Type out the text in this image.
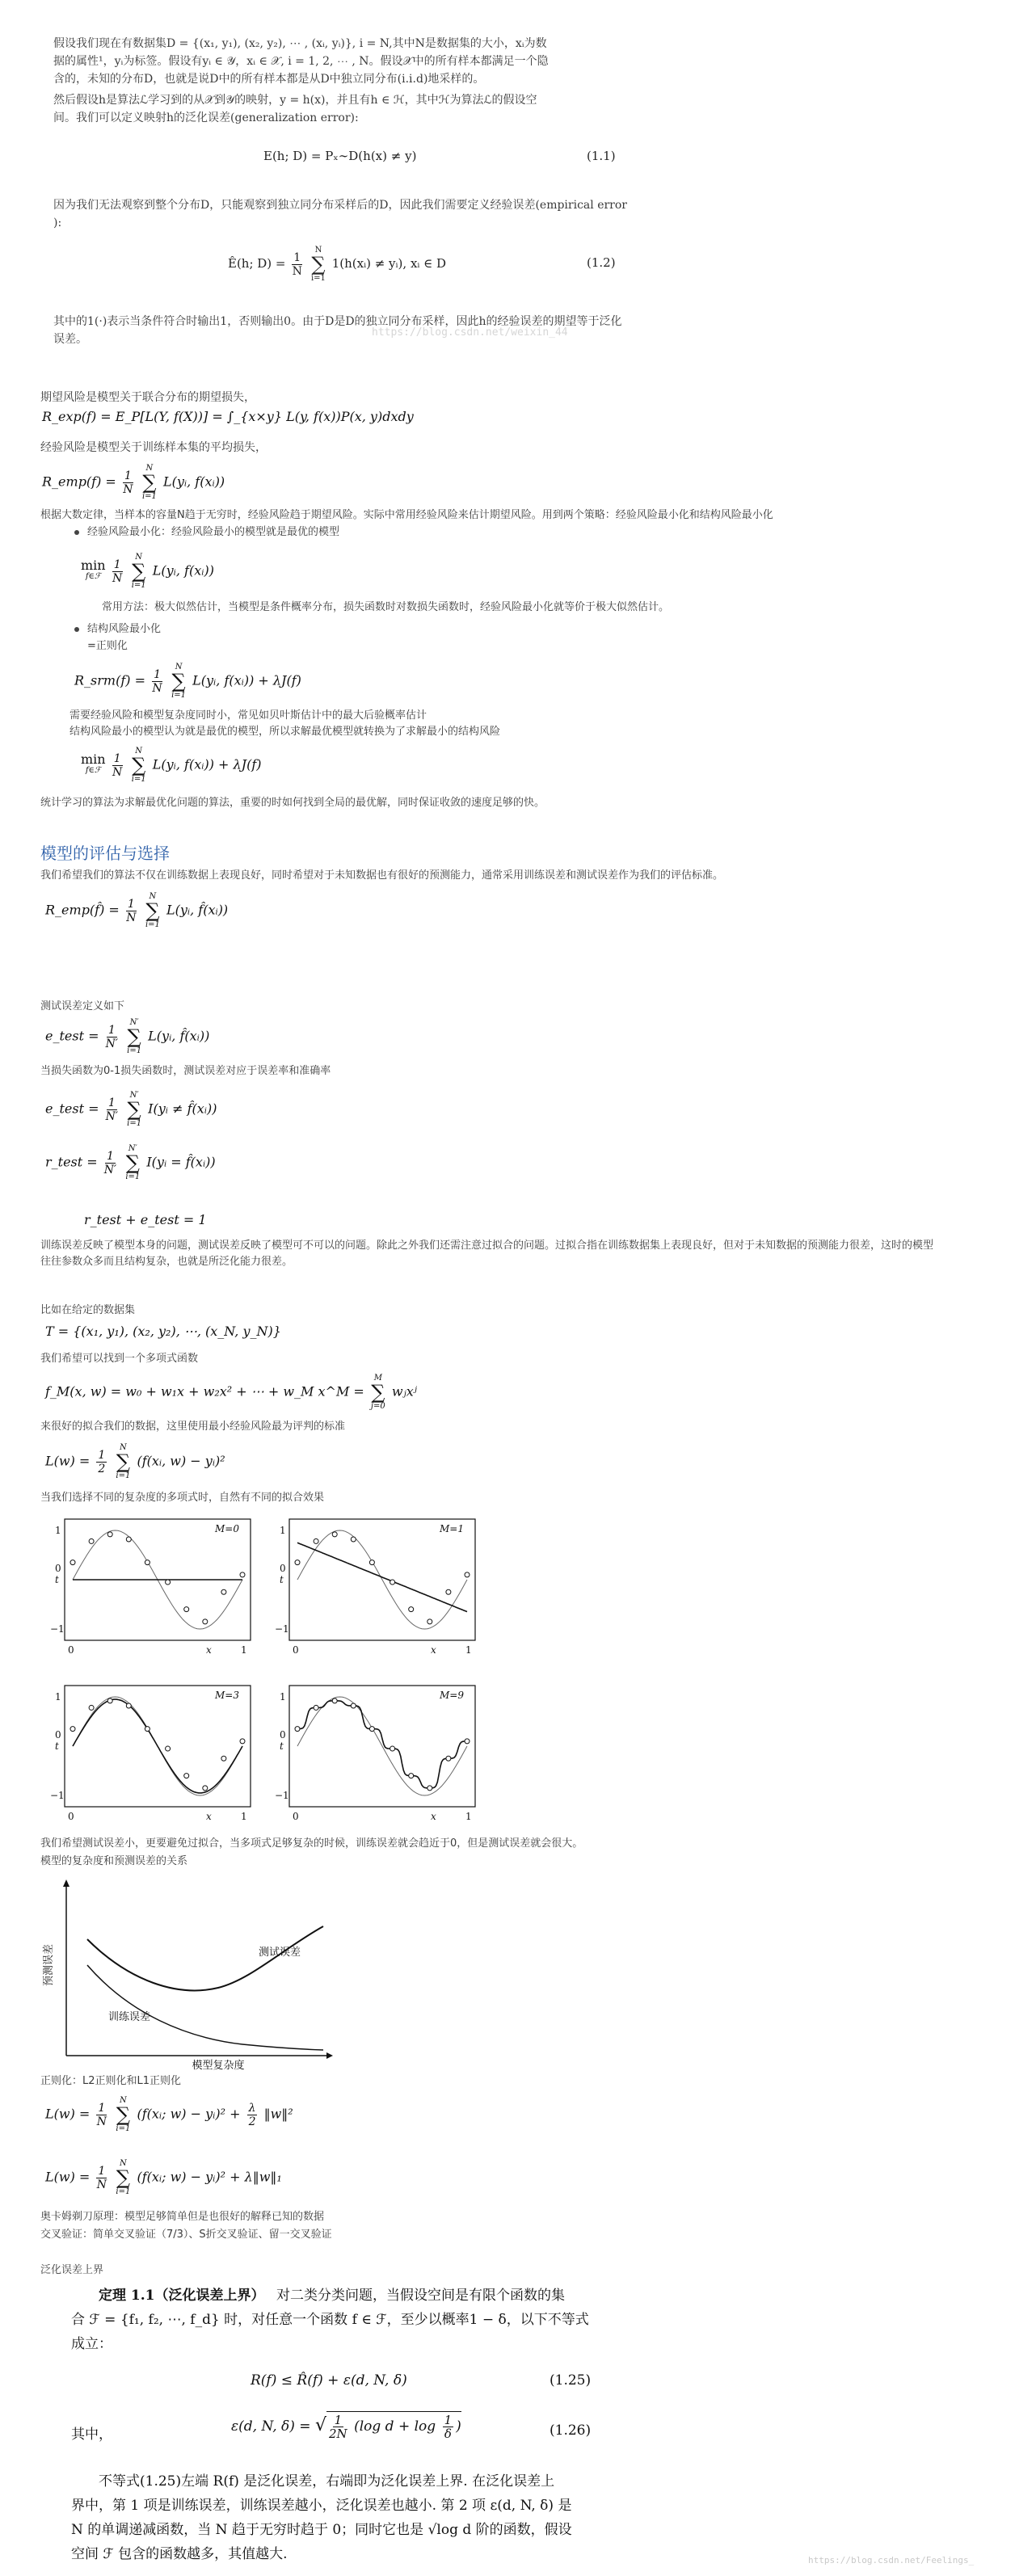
假设我们现在有数据集D = {(x₁, y₁), (x₂, y₂), ⋯ , (xᵢ, yᵢ)}, i = N,其中N是数据集的大小，xᵢ为数
据的属性¹，yᵢ为标签。假设有yᵢ ∈ 𝒴，xᵢ ∈ 𝒳, i = 1, 2, ⋯ , N。假设𝒳中的所有样本都满足一个隐
含的，未知的分布D，也就是说D中的所有样本都是从D中独立同分布(i.i.d)地采样的。
然后假设h是算法ℒ学习到的从𝒳到𝒴的映射，y = h(x)，并且有h ∈ ℋ，其中ℋ为算法ℒ的假设空
间。我们可以定义映射h的泛化误差(generalization error):
E(h; D) = Pₓ∼D(h(x) ≠ y)	(1.1)
因为我们无法观察到整个分布D，只能观察到独立同分布采样后的D，因此我们需要定义经验误差(empirical error
):
Ê(h; $D) = \frac{1}{N}$

N
∑
i=1
1(h(xᵢ) ≠ yᵢ), xᵢ ∈ D	(1.2)
其中的1(·)表示当条件符合时输出1，否则输出0。由于D是D的独立同分布采样，因此h的经验误差的期望等于泛化
误差。
https://blog.csdn.net/weixin_44
期望风险是模型关于联合分布的期望损失，
R_exp(f) = E_P[L(Y, f(X))] = ∫_{x×y} L(y, f(x))P(x, y)dxdy
经验风险是模型关于训练样本集的平均损失，
R_emp(f) = $\frac{1}{N}$

N
∑
i=1
L(yᵢ, f(xᵢ))
根据大数定律，当样本的容量N趋于无穷时，经验风险趋于期望风险。实际中常用经验风险来估计期望风险。用到两个策略：经验风险最小化和结构风险最小化
经验风险最小化：经验风险最小的模型就是最优的模型
min
f∈ℱ
$\frac{1}{N}$

N
∑
i=1
L(yᵢ, f(xᵢ))
常用方法：极大似然估计，当模型是条件概率分布，损失函数时对数损失函数时，经验风险最小化就等价于极大似然估计。
结构风险最小化
=正则化
R_srm(f) = $\frac{1}{N}$

N
∑
i=1
L(yᵢ, f(xᵢ)) + λJ(f)
需要经验风险和模型复杂度同时小，常见如贝叶斯估计中的最大后验概率估计
结构风险最小的模型认为就是最优的模型，所以求解最优模型就转换为了求解最小的结构风险
min
f∈ℱ
$\frac{1}{N}$

N
∑
i=1
L(yᵢ, f(xᵢ)) + λJ(f)
统计学习的算法为求解最优化问题的算法，重要的时如何找到全局的最优解，同时保证收敛的速度足够的快。
模型的评估与选择
我们希望我们的算法不仅在训练数据上表现良好，同时希望对于未知数据也有很好的预测能力，通常采用训练误差和测试误差作为我们的评估标准。
R_emp(f̂) = $\frac{1}{N}$

N
∑
i=1
L(yᵢ, f̂(xᵢ))
测试误差定义如下
e_test = $\frac{1}{N'}$

N′
∑
i=1
L(yᵢ, f̂(xᵢ))
当损失函数为0-1损失函数时，测试误差对应于误差率和准确率
e_test = $\frac{1}{N'}$

N′
∑
i=1
I(yᵢ ≠ f̂(xᵢ))
r_test = $\frac{1}{N'}$

N′
∑
i=1
I(yᵢ = f̂(xᵢ))
r_test + e_test = 1
训练误差反映了模型本身的问题，测试误差反映了模型可不可以的问题。除此之外我们还需注意过拟合的问题。过拟合指在训练数据集上表现良好，但对于未知数据的预测能力很差，这时的模型
往往参数众多而且结构复杂，也就是所泛化能力很差。
比如在给定的数据集
T = {(x₁, y₁), (x₂, y₂), ⋯, (x_N, y_N)}
我们希望可以找到一个多项式函数
f_M(x, w) = w₀ + w₁x + w₂x² + ⋯ + w_M x^M =
M
∑
j=0
wⱼxʲ
来很好的拟合我们的数据，这里使用最小经验风险最为评判的标准
$L(w) = \frac{1}{2}$

N
∑
i=1
(f(xᵢ, w) − yᵢ)²
当我们选择不同的复杂度的多项式时，自然有不同的拟合效果
M=0
t
1
0
−1
0	1
x
M=1
t
1
0
−1
0	1
x
M=3
t
1
0
−1
0	1
x
M=9
t
1
0
−1
0	1
x
我们希望测试误差小，更要避免过拟合，当多项式足够复杂的时候，训练误差就会趋近于0，但是测试误差就会很大。
模型的复杂度和预测误差的关系
预测误差
模型复杂度
测试误差
训练误差
正则化：L2正则化和L1正则化
$L(w) = \frac{1}{N}$

N
∑
i=1
(f(xᵢ; w) − yᵢ)² + $\frac{\lambda}{2}$ ‖w‖²
$L(w) = \frac{1}{N}$

N
∑
i=1
(f(xᵢ; w) − yᵢ)² + λ‖w‖₁
奥卡姆剃刀原理：模型足够简单但是也很好的解释已知的数据
交叉验证：简单交叉验证（7/3）、S折交叉验证、留一交叉验证
泛化误差上界
定理 1.1（泛化误差上界） 对二类分类问题，当假设空间是有限个函数的集
合 ℱ = {f₁, f₂, ⋯, f_d} 时，对任意一个函数 f ∈ ℱ，至少以概率1 − δ，以下不等式
成立：
R(f) ≤ R̂(f) + ε(d, N, δ)	(1.25)
其中，	ε(d, N, δ) = √ $\frac{1}{2N} (\log$ $d + \log \frac{1}{\delta}$ )	(1.26)
不等式(1.25)左端 R(f) 是泛化误差，右端即为泛化误差上界. 在泛化误差上
界中，第 1 项是训练误差，训练误差越小，泛化误差也越小. 第 2 项 ε(d, N, δ) 是
N 的单调递减函数，当 N 趋于无穷时趋于 0；同时它也是 √log d 阶的函数，假设
空间 ℱ 包含的函数越多，其值越大.	https://blog.csdn.net/Feelings_
